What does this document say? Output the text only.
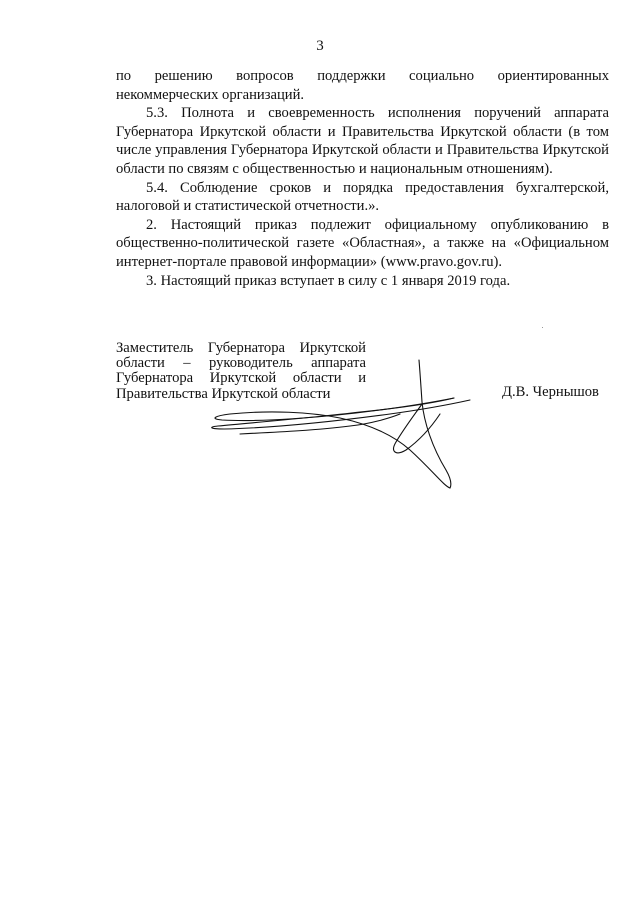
3

по решению вопросов поддержки социально ориентированных некоммерческих организаций.

5.3. Полнота и своевременность исполнения поручений аппарата Губернатора Иркутской области и Правительства Иркутской области (в том числе управления Губернатора Иркутской области и Правительства Иркутской области по связям с общественностью и национальным отношениям).

5.4. Соблюдение сроков и порядка предоставления бухгалтерской, налоговой и статистической отчетности.».

2. Настоящий приказ подлежит официальному опубликованию в общественно-политической газете «Областная», а также на «Официальном интернет-портале правовой информации» (www.pravo.gov.ru).

3. Настоящий приказ вступает в силу с 1 января 2019 года.

Заместитель Губернатора Иркутской
области – руководитель аппарата
Губернатора Иркутской области и
Правительства Иркутской области	Д.В. Чернышов
